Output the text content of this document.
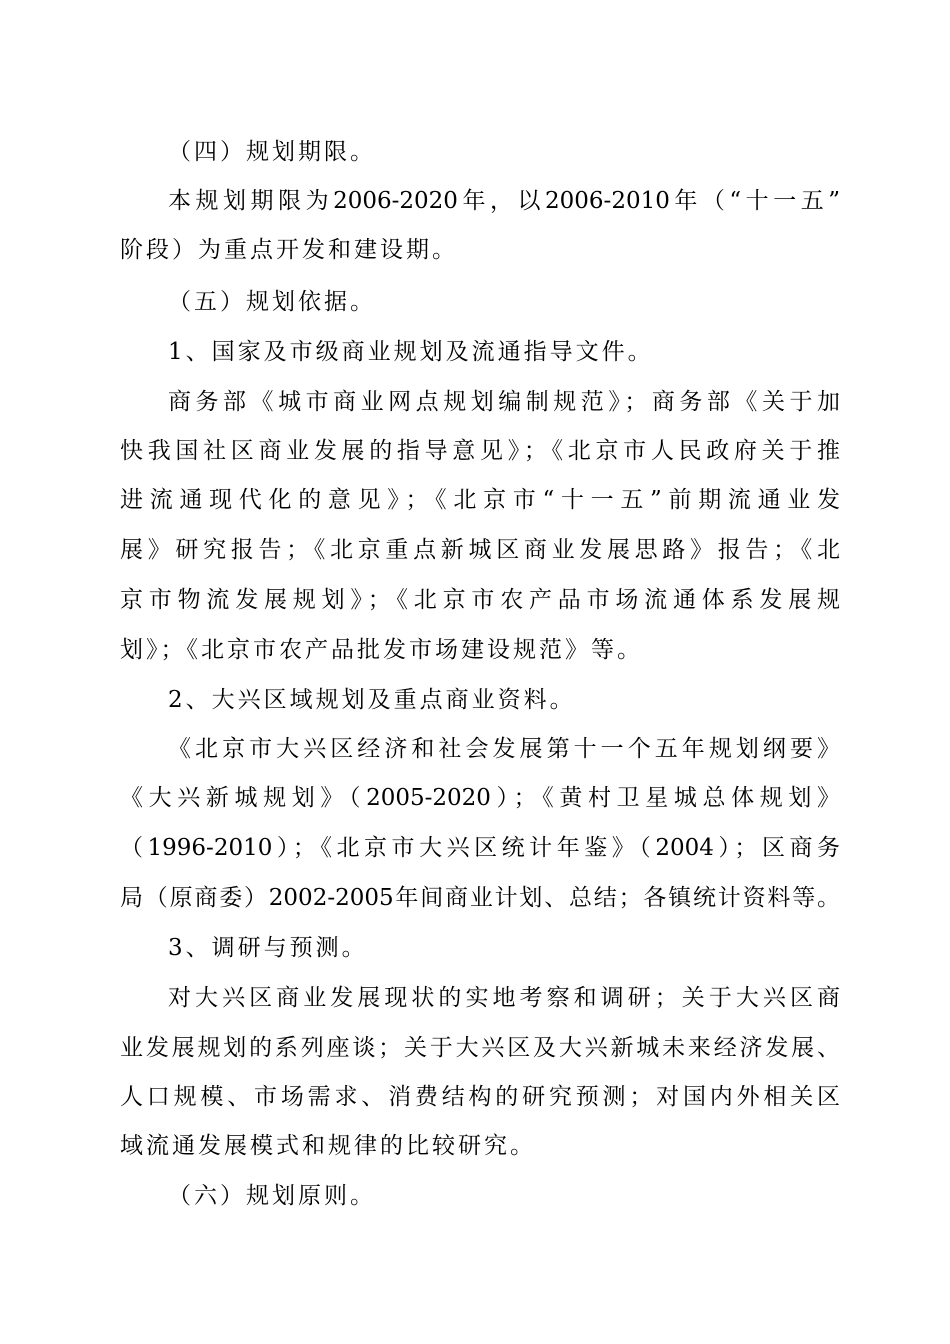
（四）规划期限。
本规划期限为2006-2020年，以2006-2010年（“十一五”
阶段）为重点开发和建设期。
（五）规划依据。
1、国家及市级商业规划及流通指导文件。
商务部《城市商业网点规划编制规范》；商务部《关于加
快我国社区商业发展的指导意见》；《北京市人民政府关于推
进流通现代化的意见》；《北京市“十一五”前期流通业发
展》研究报告；《北京重点新城区商业发展思路》报告；《北
京市物流发展规划》；《北京市农产品市场流通体系发展规
划》；《北京市农产品批发市场建设规范》等。
2、大兴区域规划及重点商业资料。
《北京市大兴区经济和社会发展第十一个五年规划纲要》
《大兴新城规划》（2005-2020）；《黄村卫星城总体规划》
（1996-2010）；《北京市大兴区统计年鉴》（2004）；区商务
局（原商委）2002-2005年间商业计划、总结；各镇统计资料等。
3、调研与预测。
对大兴区商业发展现状的实地考察和调研；关于大兴区商
业发展规划的系列座谈；关于大兴区及大兴新城未来经济发展、
人口规模、市场需求、消费结构的研究预测；对国内外相关区
域流通发展模式和规律的比较研究。
（六）规划原则。
